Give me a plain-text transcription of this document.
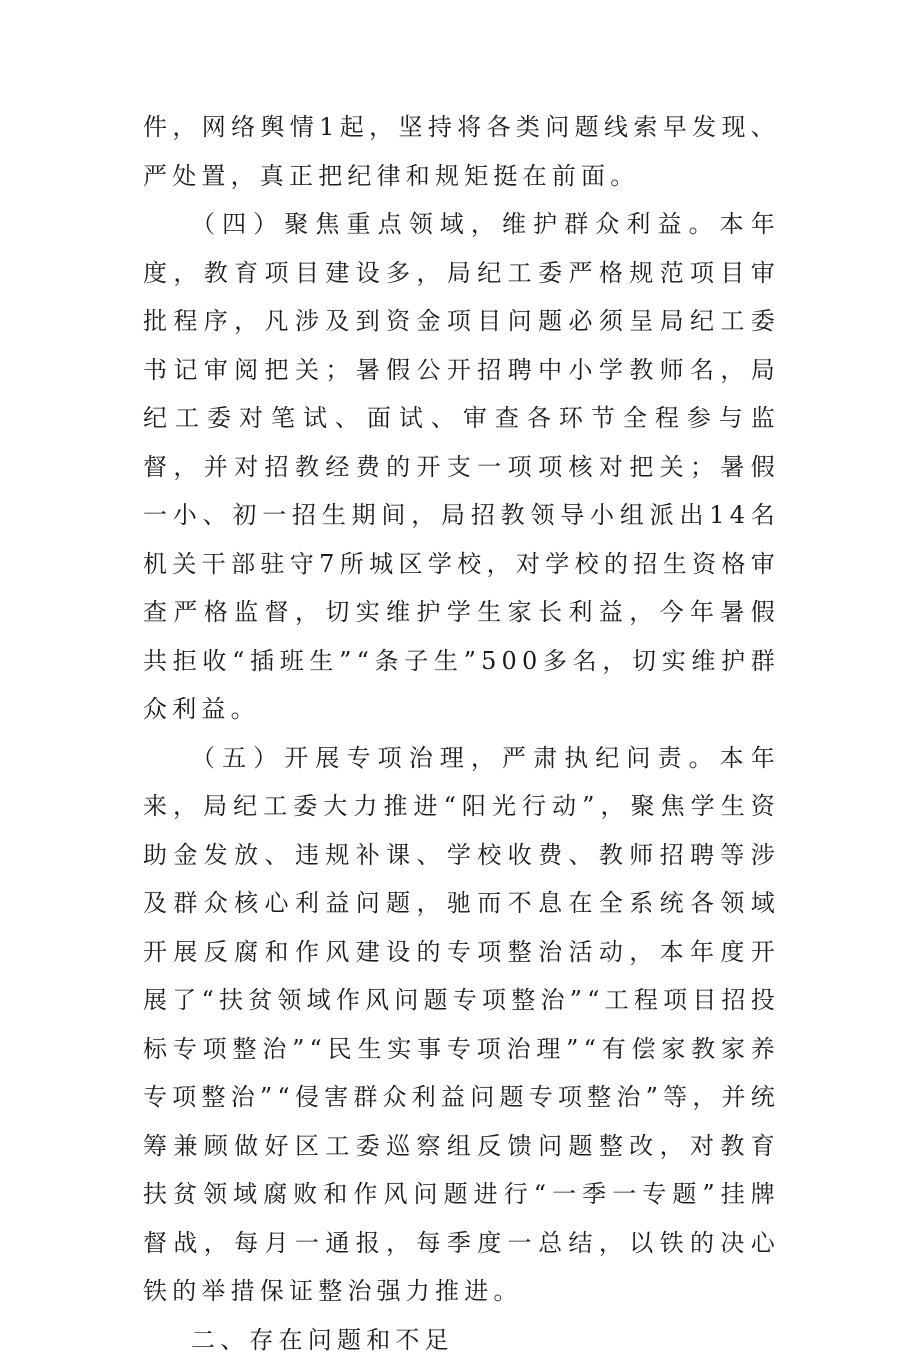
件，网络舆情1起，坚持将各类问题线索早发现、严处置，真正把纪律和规矩挺在前面。

（四）聚焦重点领域，维护群众利益。本年度，教育项目建设多，局纪工委严格规范项目审批程序，凡涉及到资金项目问题必须呈局纪工委书记审阅把关；暑假公开招聘中小学教师名，局纪工委对笔试、面试、审查各环节全程参与监督，并对招教经费的开支一项项核对把关；暑假一小、初一招生期间，局招教领导小组派出14名机关干部驻守7所城区学校，对学校的招生资格审查严格监督，切实维护学生家长利益，今年暑假共拒收“插班生”“条子生”500多名，切实维护群众利益。

（五）开展专项治理，严肃执纪问责。本年来，局纪工委大力推进“阳光行动”，聚焦学生资助金发放、违规补课、学校收费、教师招聘等涉及群众核心利益问题，驰而不息在全系统各领域开展反腐和作风建设的专项整治活动，本年度开展了“扶贫领域作风问题专项整治”“工程项目招投标专项整治”“民生实事专项治理”“有偿家教家养专项整治”“侵害群众利益问题专项整治”等，并统筹兼顾做好区工委巡察组反馈问题整改，对教育扶贫领域腐败和作风问题进行“一季一专题”挂牌督战，每月一通报，每季度一总结，以铁的决心铁的举措保证整治强力推进。

二、存在问题和不足
